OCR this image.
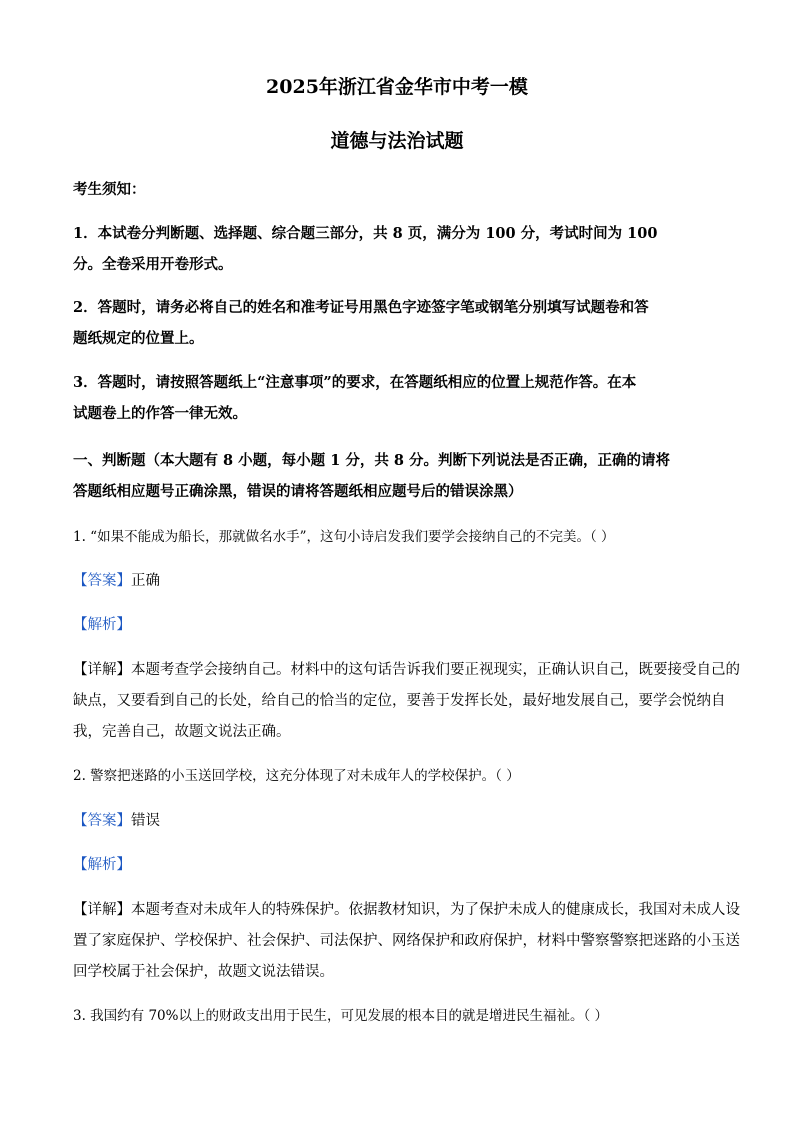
2025年浙江省金华市中考一模
道德与法治试题
考生须知：
1．本试卷分判断题、选择题、综合题三部分，共 8 页，满分为 100 分，考试时间为 100
分。全卷采用开卷形式。
2．答题时，请务必将自己的姓名和准考证号用黑色字迹签字笔或钢笔分别填写试题卷和答
题纸规定的位置上。
3．答题时，请按照答题纸上“注意事项”的要求，在答题纸相应的位置上规范作答。在本
试题卷上的作答一律无效。
一、判断题（本大题有 8 小题，每小题 1 分，共 8 分。判断下列说法是否正确，正确的请将
答题纸相应题号正确涂黑，错误的请将答题纸相应题号后的错误涂黑）
1. “如果不能成为船长，那就做名水手”，这句小诗启发我们要学会接纳自己的不完美。（ ）
【答案】正确
【解析】
【详解】本题考查学会接纳自己。材料中的这句话告诉我们要正视现实，正确认识自己，既要接受自己的
缺点，又要看到自己的长处，给自己的恰当的定位，要善于发挥长处，最好地发展自己，要学会悦纳自
我，完善自己，故题文说法正确。
2. 警察把迷路的小玉送回学校，这充分体现了对未成年人的学校保护。（ ）
【答案】错误
【解析】
【详解】本题考查对未成年人的特殊保护。依据教材知识，为了保护未成人的健康成长，我国对未成人设
置了家庭保护、学校保护、社会保护、司法保护、网络保护和政府保护，材料中警察警察把迷路的小玉送
回学校属于社会保护，故题文说法错误。
3. 我国约有 70%以上的财政支出用于民生，可见发展的根本目的就是增进民生福祉。（ ）
